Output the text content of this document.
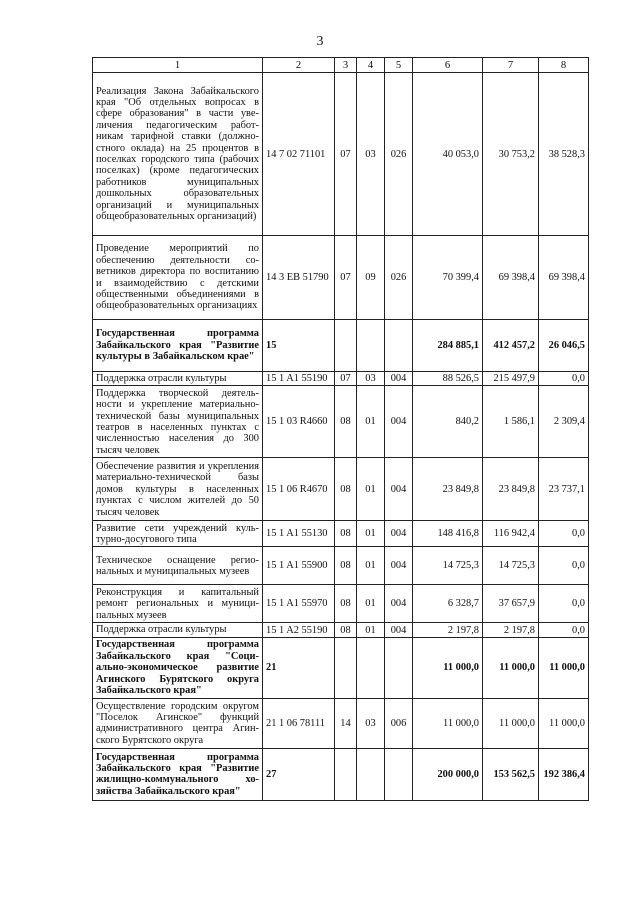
3
1	2	3	4	5	6	7	8
Реализация Закона Забайкальского края "Об отдельных вопросах в сфере образования" в части увеличения педагогическим работникам тарифной ставки (должностного оклада) на 25 процентов в поселках городского типа (рабочих поселках) (кроме педагогических работников муниципальных дошкольных образовательных организаций и муниципальных общеобразовательных организаций)	14 7 02 71101	07	03	026	40 053,0	30 753,2	38 528,3
Проведение мероприятий по обеспечению деятельности советников директора по воспитанию и взаимодействию с детскими общественными объединениями в общеобразовательных организациях	14 3 EB 51790	07	09	026	70 399,4	69 398,4	69 398,4
Государственная программа Забайкальского края "Развитие культуры в Забайкальском крае"	15				284 885,1	412 457,2	26 046,5
Поддержка отрасли культуры	15 1 A1 55190	07	03	004	88 526,5	215 497,9	0,0
Поддержка творческой деятельности и укрепление материально-технической базы муниципальных театров в населенных пунктах с численностью населения до 300 тысяч человек	15 1 03 R4660	08	01	004	840,2	1 586,1	2 309,4
Обеспечение развития и укрепления материально-технической базы домов культуры в населенных пунктах с числом жителей до 50 тысяч человек	15 1 06 R4670	08	01	004	23 849,8	23 849,8	23 737,1
Развитие сети учреждений культурно-досугового типа	15 1 A1 55130	08	01	004	148 416,8	116 942,4	0,0
Техническое оснащение региональных и муниципальных музеев	15 1 A1 55900	08	01	004	14 725,3	14 725,3	0,0
Реконструкция и капитальный ремонт региональных и муниципальных музеев	15 1 A1 55970	08	01	004	6 328,7	37 657,9	0,0
Поддержка отрасли культуры	15 1 A2 55190	08	01	004	2 197,8	2 197,8	0,0
Государственная программа Забайкальского края "Социально-экономическое развитие Агинского Бурятского округа Забайкальского края"	21				11 000,0	11 000,0	11 000,0
Осуществление городским округом "Поселок Агинское" функций административного центра Агинского Бурятского округа	21 1 06 78111	14	03	006	11 000,0	11 000,0	11 000,0
Государственная программа Забайкальского края "Развитие жилищно-коммунального хозяйства Забайкальского края"	27				200 000,0	153 562,5	192 386,4
